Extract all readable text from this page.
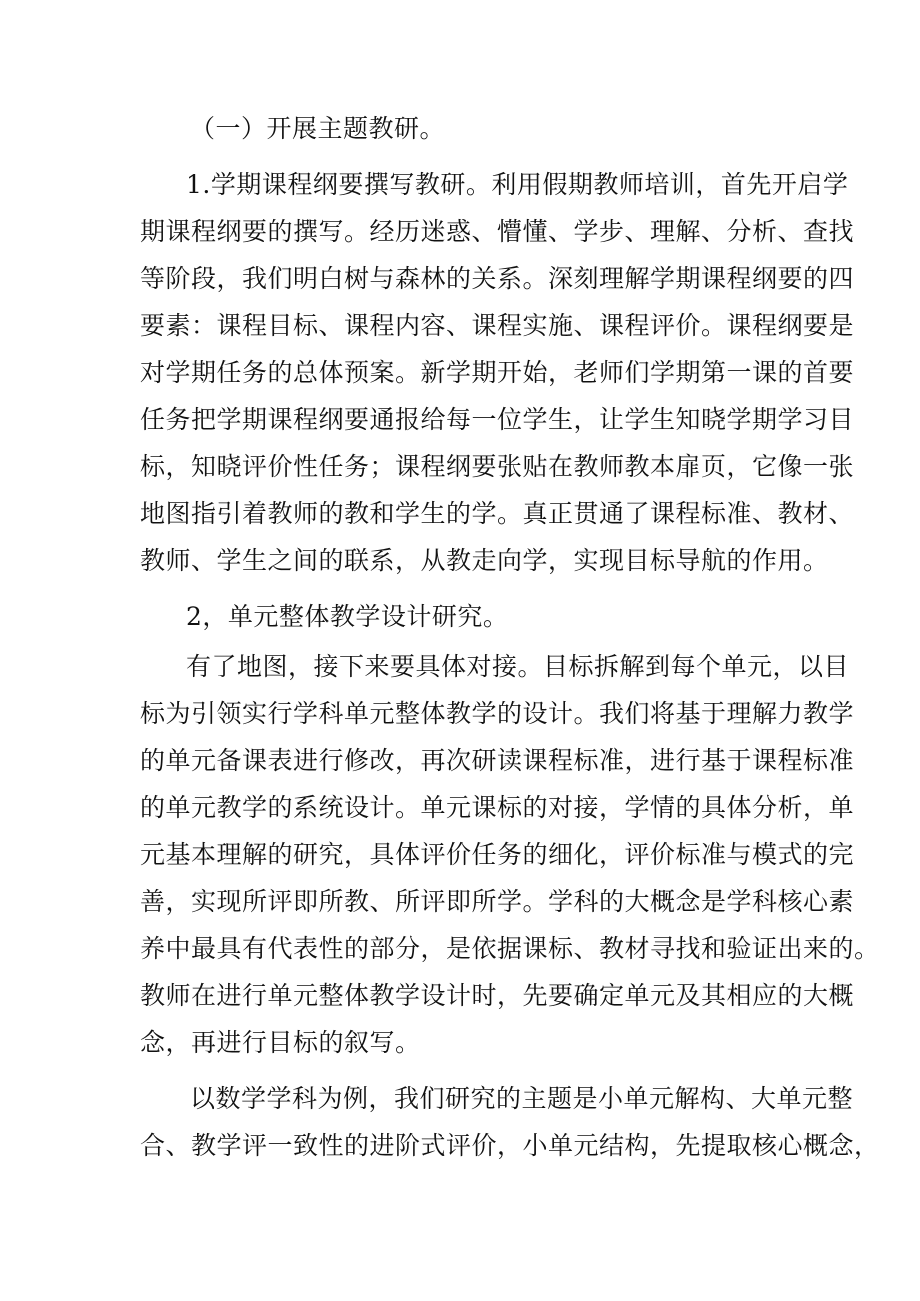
（一）开展主题教研。
1.学期课程纲要撰写教研。利用假期教师培训，首先开启学
期课程纲要的撰写。经历迷惑、懵懂、学步、理解、分析、查找
等阶段，我们明白树与森林的关系。深刻理解学期课程纲要的四
要素：课程目标、课程内容、课程实施、课程评价。课程纲要是
对学期任务的总体预案。新学期开始，老师们学期第一课的首要
任务把学期课程纲要通报给每一位学生，让学生知晓学期学习目
标，知晓评价性任务；课程纲要张贴在教师教本扉页，它像一张
地图指引着教师的教和学生的学。真正贯通了课程标准、教材、
教师、学生之间的联系，从教走向学，实现目标导航的作用。
2，单元整体教学设计研究。
有了地图，接下来要具体对接。目标拆解到每个单元，以目
标为引领实行学科单元整体教学的设计。我们将基于理解力教学
的单元备课表进行修改，再次研读课程标准，进行基于课程标准
的单元教学的系统设计。单元课标的对接，学情的具体分析，单
元基本理解的研究，具体评价任务的细化，评价标准与模式的完
善，实现所评即所教、所评即所学。学科的大概念是学科核心素
养中最具有代表性的部分，是依据课标、教材寻找和验证出来的。
教师在进行单元整体教学设计时，先要确定单元及其相应的大概
念，再进行目标的叙写。
以数学学科为例，我们研究的主题是小单元解构、大单元整
合、教学评一致性的进阶式评价，小单元结构，先提取核心概念，
